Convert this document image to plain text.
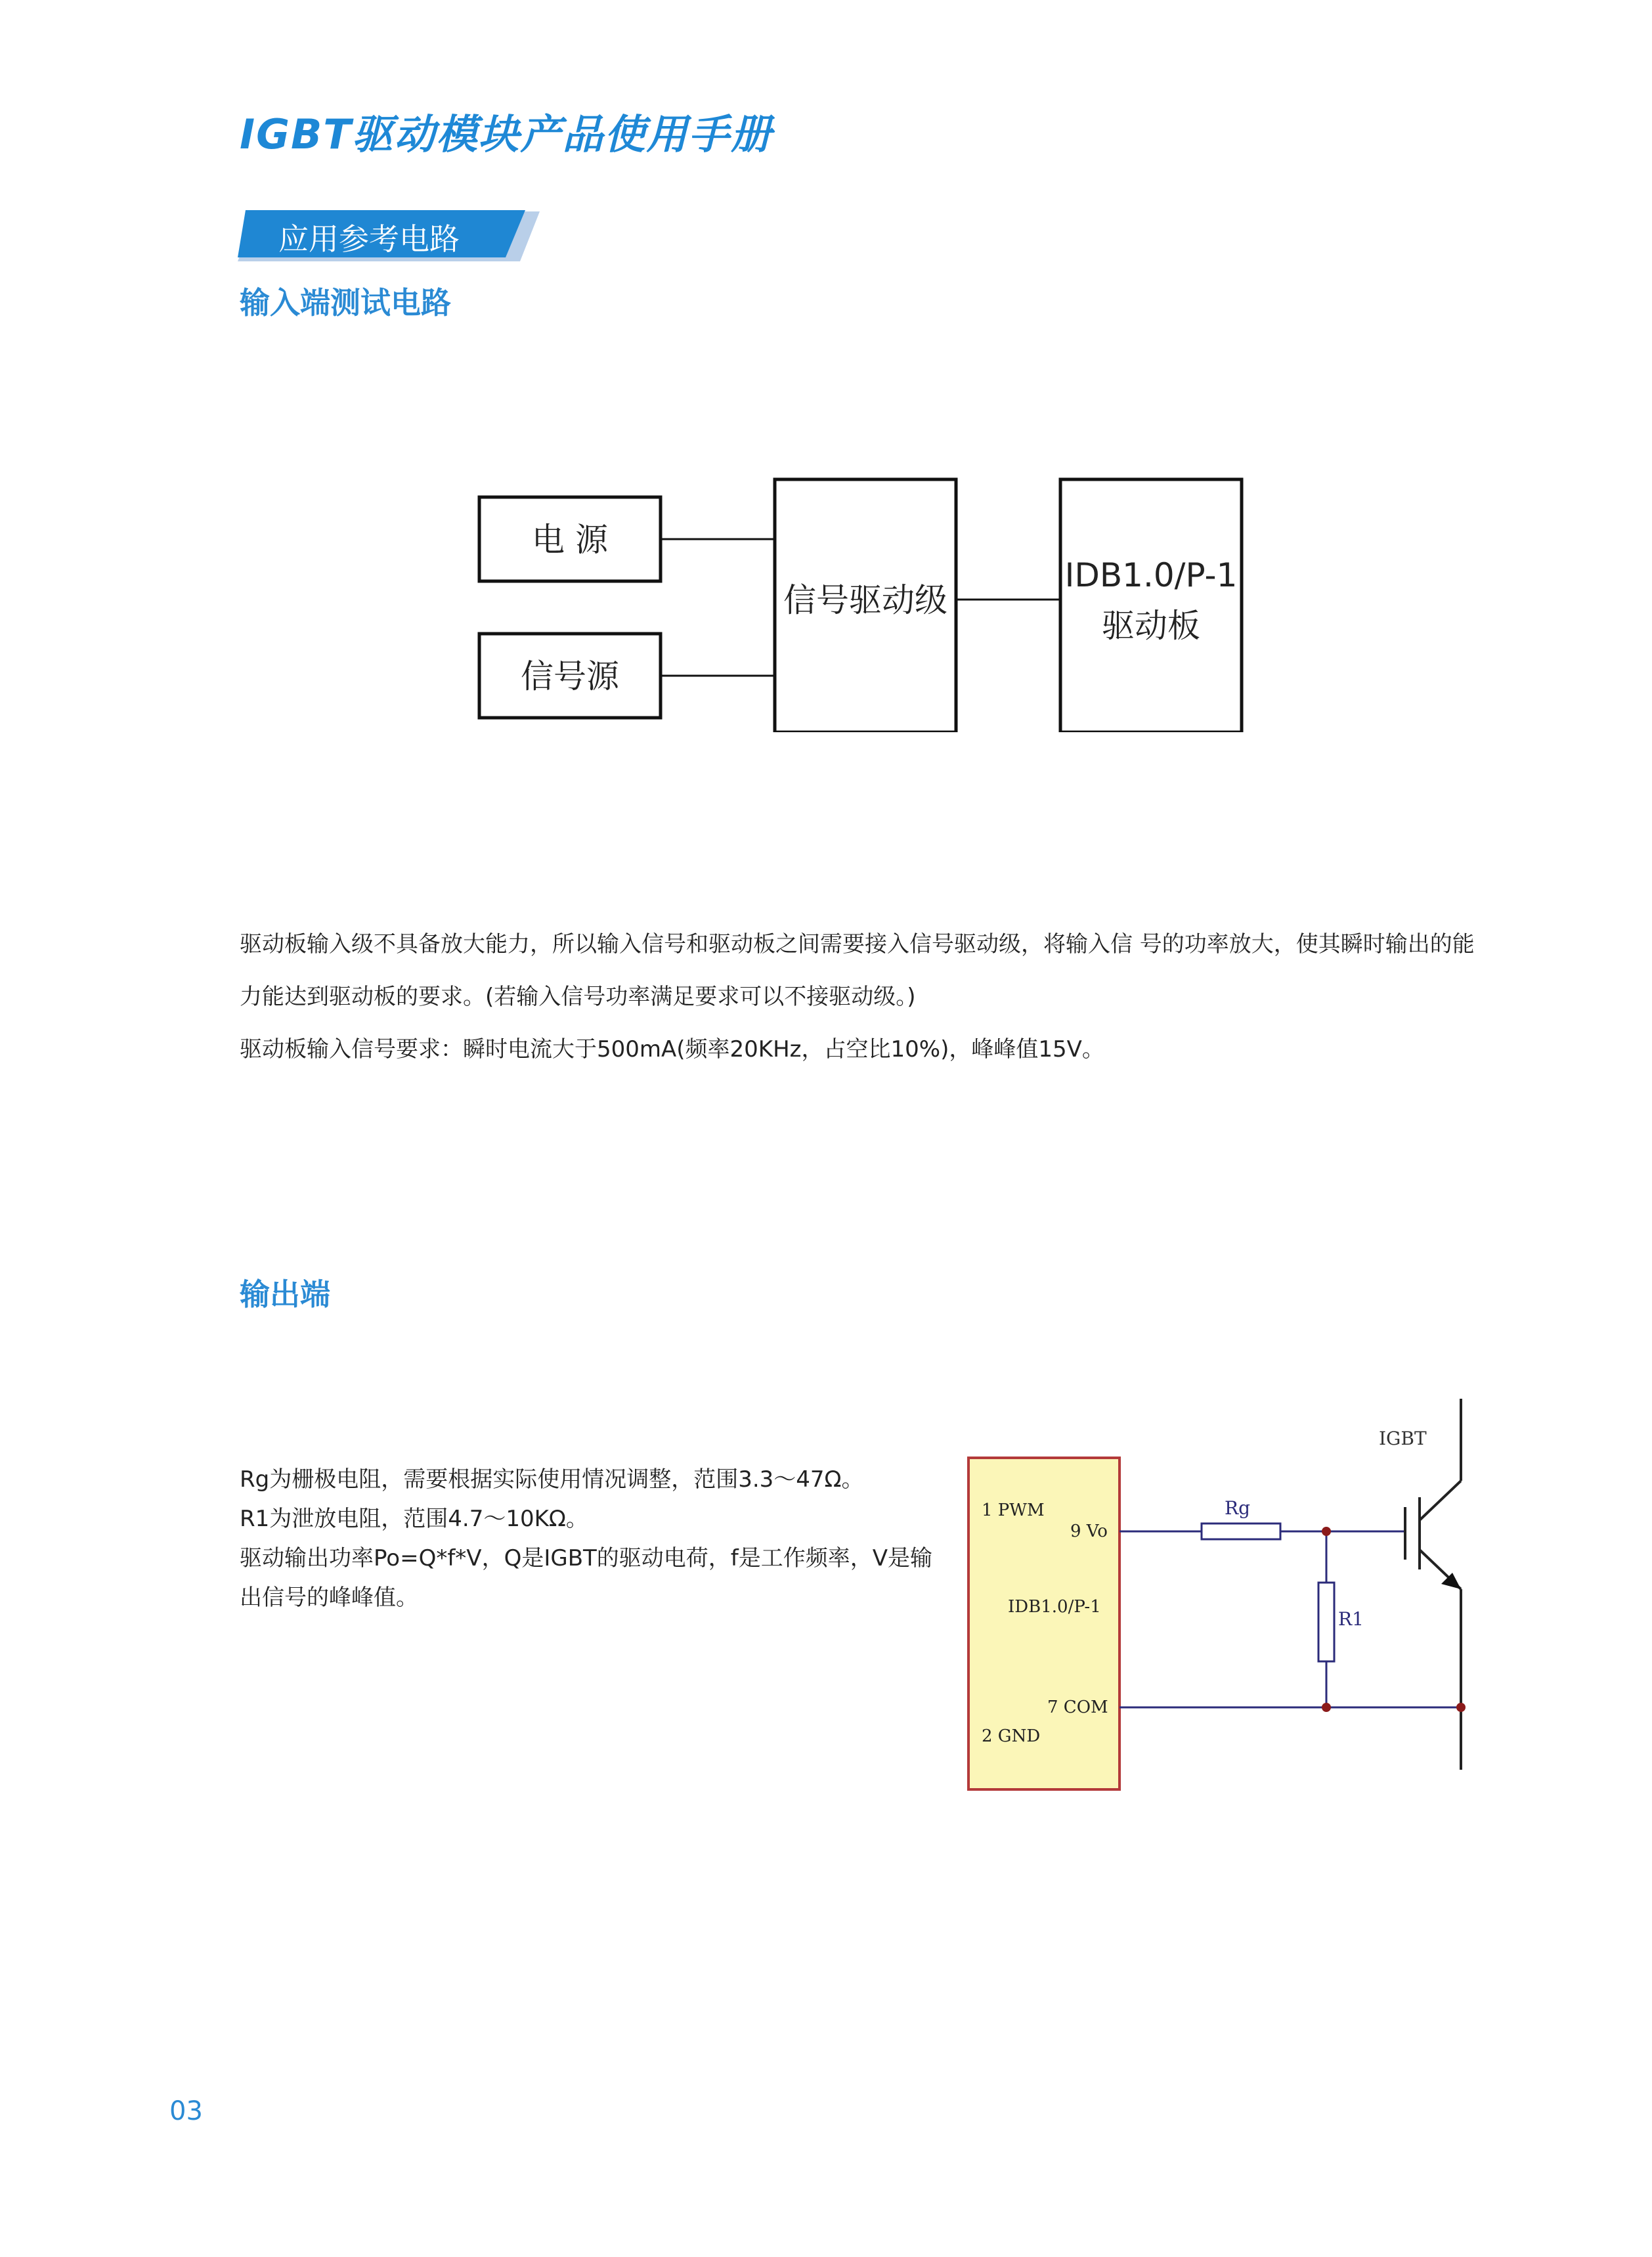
IGBT驱动模块产品使用手册
应用参考电路
输入端测试电路
电 源
信号源
信号驱动级
IDB1.0/P-1
驱动板
驱动板输入级不具备放大能力，所以输入信号和驱动板之间需要接入信号驱动级，将输入信 号的功率放大，使其瞬时输出的能
力能达到驱动板的要求。(若输入信号功率满足要求可以不接驱动级。)
驱动板输入信号要求：瞬时电流大于500mA(频率20KHz，占空比10%)，峰峰值15V。
输出端
Rg为栅极电阻，需要根据实际使用情况调整，范围3.3～47Ω。
R1为泄放电阻，范围4.7～10KΩ。
驱动输出功率Po=Q*f*V，Q是IGBT的驱动电荷，f是工作频率，V是输
出信号的峰峰值。
1 PWM
9 Vo
IDB1.0/P-1
7 COM
2 GND
Rg
R1
IGBT
03
